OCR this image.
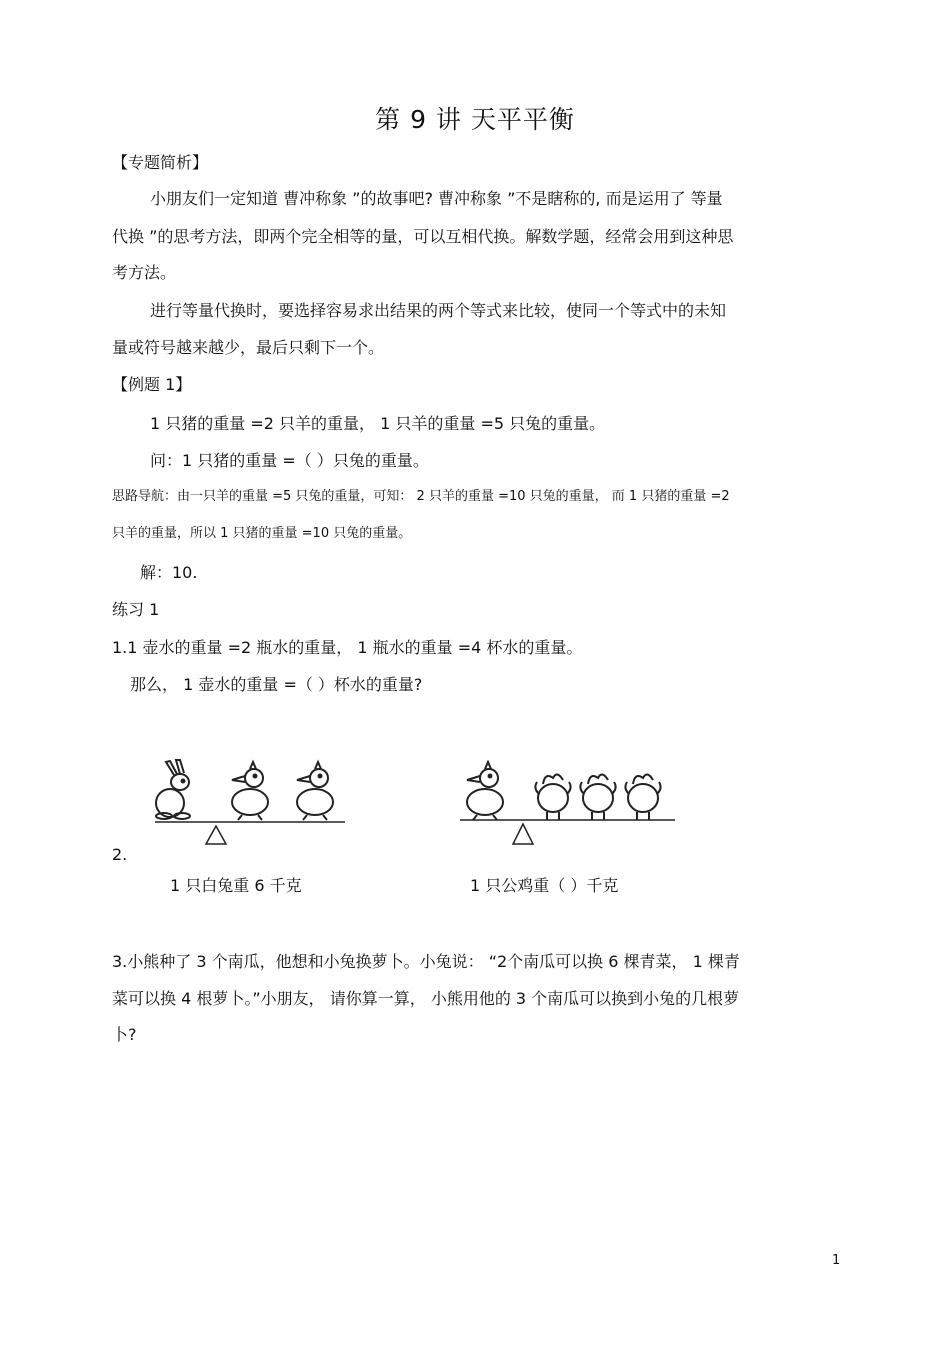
第 9 讲 天平平衡
【专题简析】
小朋友们一定知道 曹冲称象 ”的故事吧? 曹冲称象 ”不是瞎称的, 而是运用了 等量
代换 ”的思考方法，即两个完全相等的量，可以互相代换。解数学题，经常会用到这种思
考方法。
进行等量代换时，要选择容易求出结果的两个等式来比较，使同一个等式中的未知
量或符号越来越少，最后只剩下一个。
【例题 1】
1 只猪的重量 =2 只羊的重量， 1 只羊的重量 =5 只兔的重量。
问：1 只猪的重量 =（ ）只兔的重量。
思路导航：由一只羊的重量 =5 只兔的重量，可知： 2 只羊的重量 =10 只兔的重量， 而 1 只猪的重量 =2
只羊的重量，所以 1 只猪的重量 =10 只兔的重量。
解：10.
练习 1
1.1 壶水的重量 =2 瓶水的重量， 1 瓶水的重量 =4 杯水的重量。
那么， 1 壶水的重量 =（ ）杯水的重量?
2.
1 只白兔重 6 千克	1 只公鸡重（ ）千克
3.小熊种了 3 个南瓜，他想和小兔换萝卜。小兔说： “2个南瓜可以换 6 棵青菜， 1 棵青
菜可以换 4 根萝卜。”小朋友， 请你算一算， 小熊用他的 3 个南瓜可以换到小兔的几根萝
卜?
1
